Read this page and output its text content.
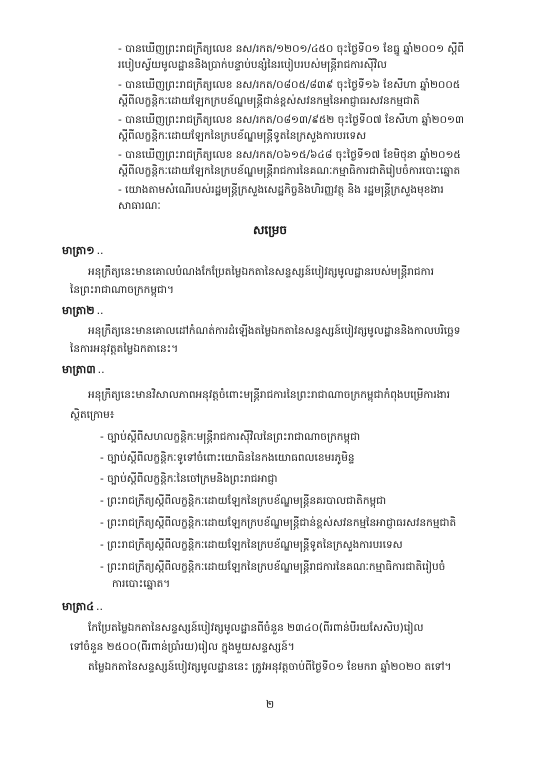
- បានឃើញព្រះរាជក្រឹត្យលេខ នស/រកត/១២០១/៤៥០ ចុះថ្ងៃទី០១ ខែធ្នូ ឆ្នាំ២០០១ ស្តីពី
របៀបស្វ័យមូលដ្ឋាននិងប្រាក់បន្ទាប់បន្សំនៃរបៀបរបស់មន្ត្រីរាជការស៊ីវិល
- បានឃើញព្រះរាជក្រឹត្យលេខ នស/រកត/០៨០៥/៨៣៩ ចុះថ្ងៃទី១៦ ខែសីហា ឆ្នាំ២០០៥
ស្តីពីលក្ខន្តិកៈដោយឡែកក្របខ័ណ្ឌមន្ត្រីជាន់ខ្ពស់សវនកម្មនៃអាជ្ញាធរសវនកម្មជាតិ
- បានឃើញព្រះរាជក្រឹត្យលេខ នស/រកត/០៨១៣/៩៥២ ចុះថ្ងៃទី០៧ ខែសីហា ឆ្នាំ២០១៣
ស្តីពីលក្ខន្តិកៈដោយឡែកនៃក្របខ័ណ្ឌមន្ត្រីទូតនៃក្រសួងការបរទេស
- បានឃើញព្រះរាជក្រឹត្យលេខ នស/រកត/០៦១៥/៦៤៨ ចុះថ្ងៃទី១៧ ខែមិថុនា ឆ្នាំ២០១៥
ស្តីពីលក្ខន្តិកៈដោយឡែកនៃក្របខ័ណ្ឌមន្ត្រីរាជការនៃគណៈកម្មាធិការជាតិរៀបចំការបោះឆ្នោត
- យោងតាមសំណើរបស់រដ្ឋមន្ត្រីក្រសួងសេដ្ឋកិច្ចនិងហិរញ្ញវត្ថុ និង រដ្ឋមន្ត្រីក្រសួងមុខងារ
សាធារណៈ
សម្រេច
មាត្រា១ ..
អនុក្រឹត្យនេះមានគោលបំណងកែប្រែតម្លៃឯកតានៃសន្ទស្សន៍បៀវត្សមូលដ្ឋានរបស់មន្ត្រីរាជការ
នៃព្រះរាជាណាចក្រកម្ពុជា។
មាត្រា២ ..
អនុក្រឹត្យនេះមានគោលដៅកំណត់ការដំឡើងតម្លៃឯកតានៃសន្ទស្សន៍បៀវត្សមូលដ្ឋាននិងកាលបរិច្ឆេទ
នៃការអនុវត្តតម្លៃឯកតានេះ។
មាត្រា៣ ..
អនុក្រឹត្យនេះមានវិសាលភាពអនុវត្តចំពោះមន្ត្រីរាជការនៃព្រះរាជាណាចក្រកម្ពុជាកំពុងបម្រើការងារ
ស្ថិតក្រោម៖
- ច្បាប់ស្តីពីសហលក្ខន្តិកៈមន្ត្រីរាជការស៊ីវិលនៃព្រះរាជាណាចក្រកម្ពុជា
- ច្បាប់ស្តីពីលក្ខន្តិកៈទូទៅចំពោះយោធិននៃកងយោធពលខេមរភូមិន្ទ
- ច្បាប់ស្តីពីលក្ខន្តិកៈនៃចៅក្រមនិងព្រះរាជអាជ្ញា
- ព្រះរាជក្រឹត្យស្តីពីលក្ខន្តិកៈដោយឡែកនៃក្របខ័ណ្ឌមន្ត្រីនគរបាលជាតិកម្ពុជា
- ព្រះរាជក្រឹត្យស្តីពីលក្ខន្តិកៈដោយឡែកក្របខ័ណ្ឌមន្ត្រីជាន់ខ្ពស់សវនកម្មនៃអាជ្ញាធរសវនកម្មជាតិ
- ព្រះរាជក្រឹត្យស្តីពីលក្ខន្តិកៈដោយឡែកនៃក្របខ័ណ្ឌមន្ត្រីទូតនៃក្រសួងការបរទេស
- ព្រះរាជក្រឹត្យស្តីពីលក្ខន្តិកៈដោយឡែកនៃក្របខ័ណ្ឌមន្ត្រីរាជការនៃគណៈកម្មាធិការជាតិរៀបចំ
ការបោះឆ្នោត។
មាត្រា៤ ..
កែប្រែតម្លៃឯកតានៃសន្ទស្សន៍បៀវត្សមូលដ្ឋានពីចំនួន ២៣៤០(ពីរពាន់បីរយសែសិប)រៀល
ទៅចំនួន ២៥០០(ពីរពាន់ប្រាំរយ)រៀល ក្នុងមួយសន្ទស្សន៍។
តម្លៃឯកតានៃសន្ទស្សន៍បៀវត្សមូលដ្ឋាននេះ ត្រូវអនុវត្តចាប់ពីថ្ងៃទី០១ ខែមករា ឆ្នាំ២០២០ តទៅ។
២
